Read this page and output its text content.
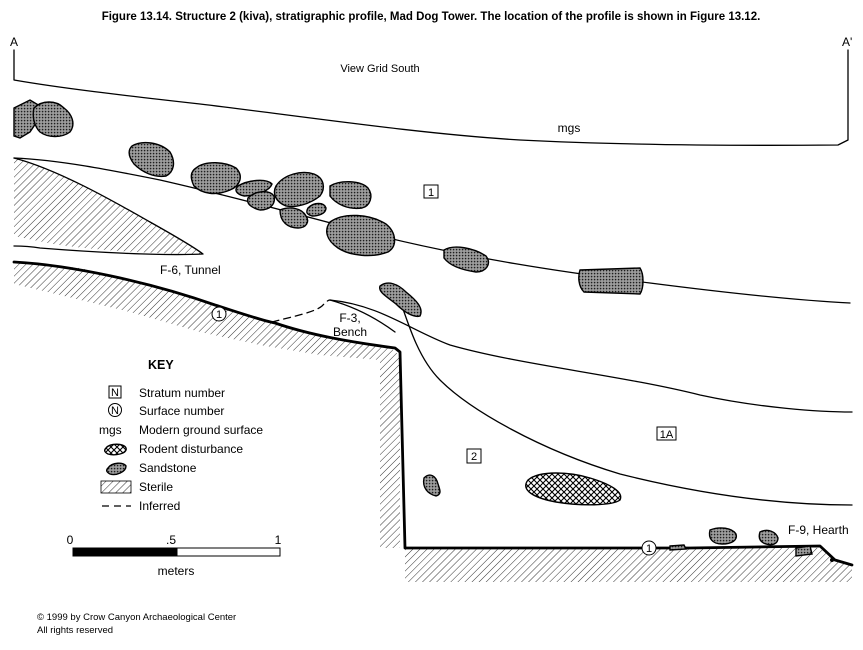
Figure 13.14. Structure 2 (kiva), stratigraphic profile, Mad Dog Tower. The location of the profile is shown in Figure 13.12.
A	A'
View Grid South
mgs
F-6, Tunnel
F-3,
Bench
F-9, Hearth
1
1A
2
1
1
KEY
N Stratum number
N Surface number
mgs Modern ground surface
Rodent disturbance
Sandstone
Sterile
Inferred
0	.5	1
meters
© 1999 by Crow Canyon Archaeological Center
All rights reserved
